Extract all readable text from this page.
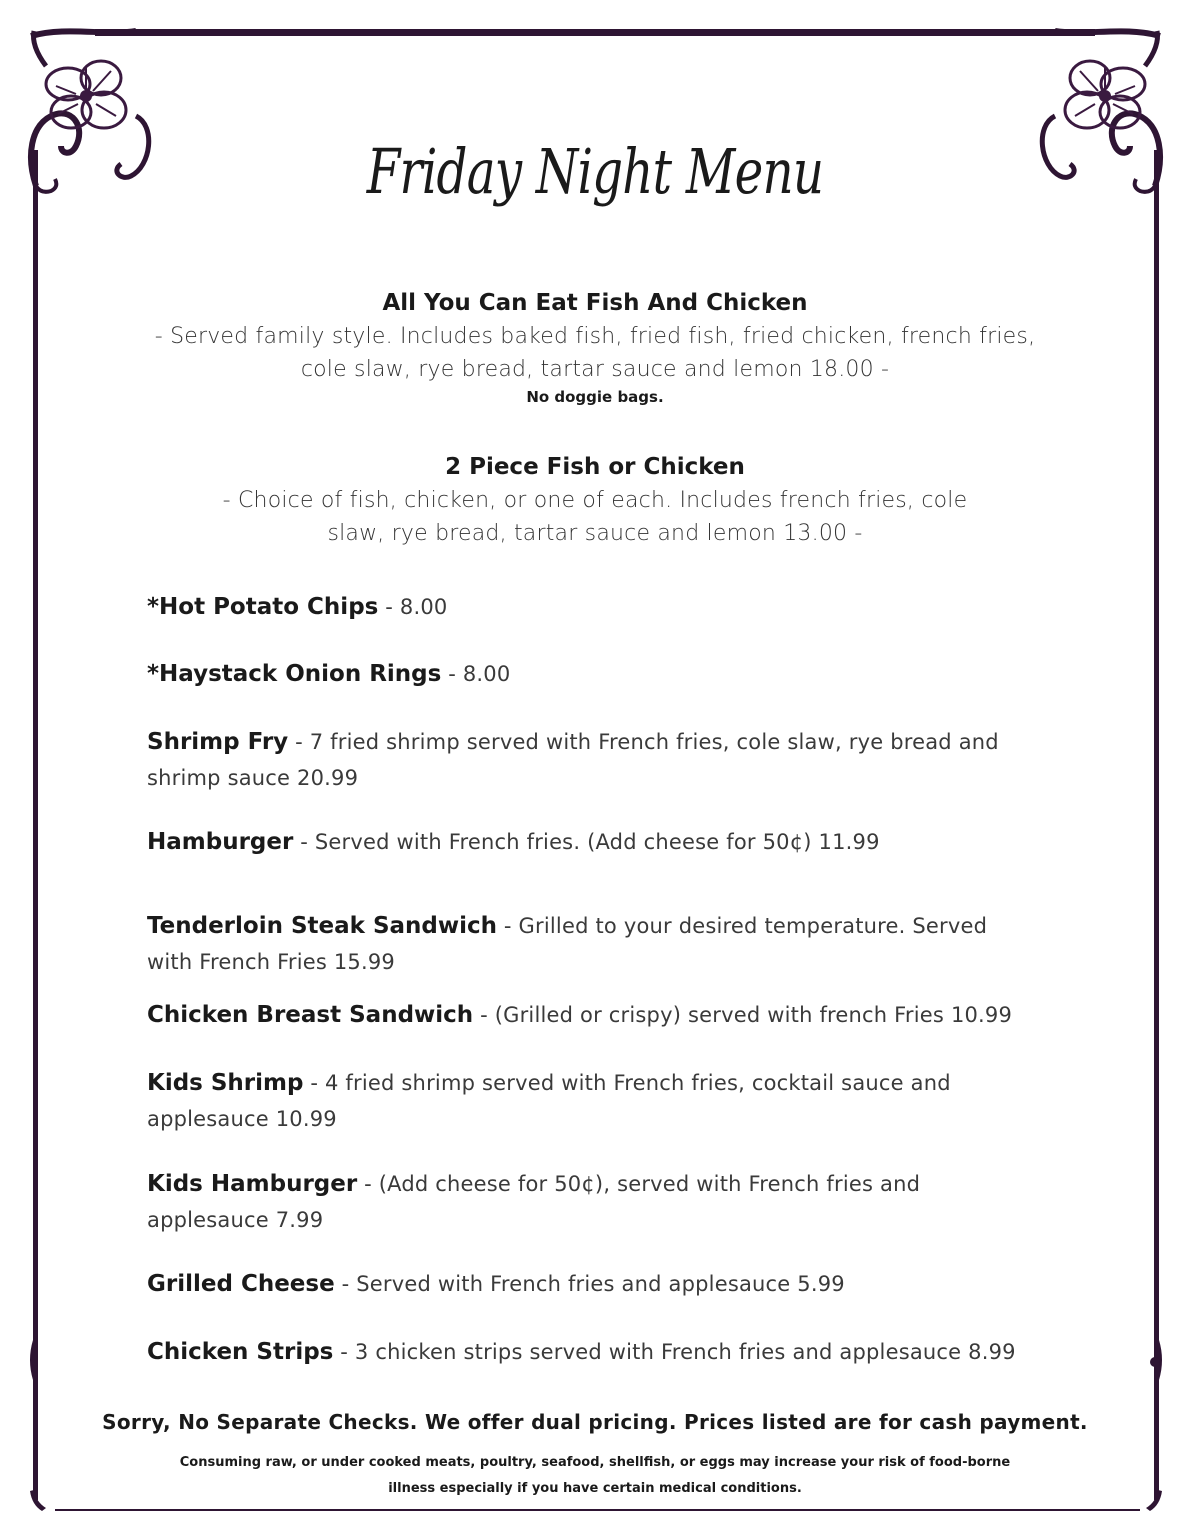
Friday Night Menu
All You Can Eat Fish And Chicken
- Served family style. Includes baked fish, fried fish, fried chicken, french fries, cole slaw, rye bread, tartar sauce and lemon 18.00 -
No doggie bags.
2 Piece Fish or Chicken
- Choice of fish, chicken, or one of each. Includes french fries, cole slaw, rye bread, tartar sauce and lemon 13.00 -
*Hot Potato Chips - 8.00
*Haystack Onion Rings - 8.00
Shrimp Fry - 7 fried shrimp served with French fries, cole slaw, rye bread and shrimp sauce 20.99
Hamburger - Served with French fries. (Add cheese for 50¢) 11.99
Tenderloin Steak Sandwich - Grilled to your desired temperature. Served with French Fries 15.99
Chicken Breast Sandwich - (Grilled or crispy) served with french Fries 10.99
Kids Shrimp - 4 fried shrimp served with French fries, cocktail sauce and applesauce 10.99
Kids Hamburger - (Add cheese for 50¢), served with French fries and applesauce 7.99
Grilled Cheese - Served with French fries and applesauce 5.99
Chicken Strips - 3 chicken strips served with French fries and applesauce 8.99
Sorry, No Separate Checks. We offer dual pricing. Prices listed are for cash payment.
Consuming raw, or under cooked meats, poultry, seafood, shellfish, or eggs may increase your risk of food-borne illness especially if you have certain medical conditions.
